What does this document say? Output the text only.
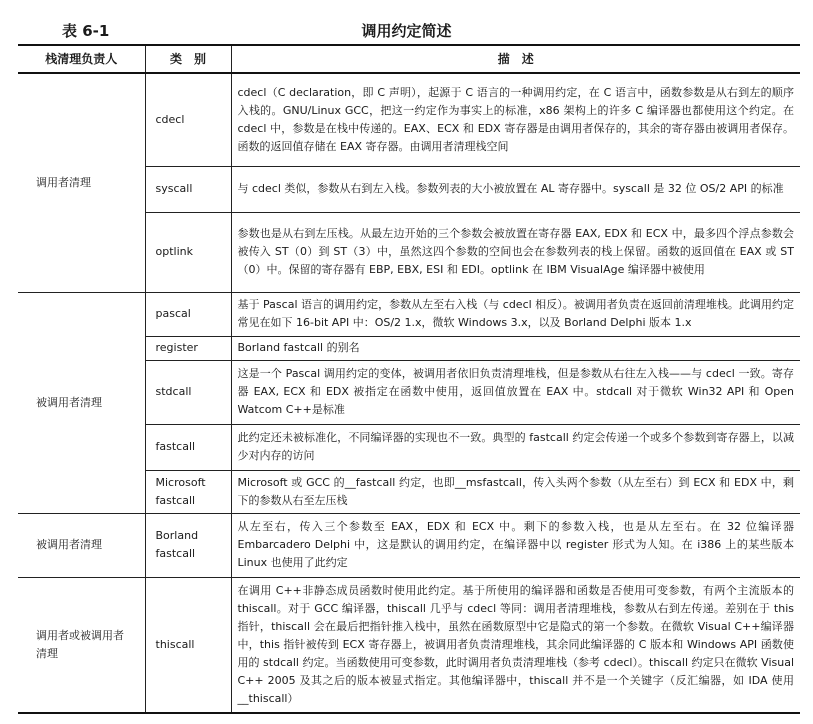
表 6-1	调用约定简述
栈清理负责人	类　别	描　述
调用者清理	cdecl	cdecl（C declaration，即 C 声明），起源于 C 语言的一种调用约定，在 C 语言中，函数参数是从右到左的顺序入栈的。GNU/Linux GCC，把这一约定作为事实上的标准，x86 架构上的许多 C 编译器也都使用这个约定。在 cdecl 中，参数是在栈中传递的。EAX、ECX 和 EDX 寄存器是由调用者保存的，其余的寄存器由被调用者保存。函数的返回值存储在 EAX 寄存器。由调用者清理栈空间
	syscall	与 cdecl 类似，参数从右到左入栈。参数列表的大小被放置在 AL 寄存器中。syscall 是 32 位 OS/2 API 的标准
	optlink	参数也是从右到左压栈。从最左边开始的三个参数会被放置在寄存器 EAX, EDX 和 ECX 中，最多四个浮点参数会被传入 ST（0）到 ST（3）中，虽然这四个参数的空间也会在参数列表的栈上保留。函数的返回值在 EAX 或 ST（0）中。保留的寄存器有 EBP, EBX, ESI 和 EDI。optlink 在 IBM VisualAge 编译器中被使用
被调用者清理	pascal	基于 Pascal 语言的调用约定，参数从左至右入栈（与 cdecl 相反）。被调用者负责在返回前清理堆栈。此调用约定常见在如下 16-bit API 中：OS/2 1.x，微软 Windows 3.x，以及 Borland Delphi 版本 1.x
	register	Borland fastcall 的别名
	stdcall	这是一个 Pascal 调用约定的变体，被调用者依旧负责清理堆栈，但是参数从右往左入栈——与 cdecl 一致。寄存器 EAX, ECX 和 EDX 被指定在函数中使用，返回值放置在 EAX 中。stdcall 对于微软 Win32 API 和 Open Watcom C++是标准
	fastcall	此约定还未被标准化，不同编译器的实现也不一致。典型的 fastcall 约定会传递一个或多个参数到寄存器上，以减少对内存的访问
	Microsoft fastcall	Microsoft 或 GCC 的__fastcall 约定，也即__msfastcall，传入头两个参数（从左至右）到 ECX 和 EDX 中，剩下的参数从右至左压栈
被调用者清理	Borland fastcall	从左至右，传入三个参数至 EAX，EDX 和 ECX 中。剩下的参数入栈，也是从左至右。在 32 位编译器 Embarcadero Delphi 中，这是默认的调用约定，在编译器中以 register 形式为人知。在 i386 上的某些版本 Linux 也使用了此约定
调用者或被调用者清理	thiscall	在调用 C++非静态成员函数时使用此约定。基于所使用的编译器和函数是否使用可变参数，有两个主流版本的 thiscall。对于 GCC 编译器，thiscall 几乎与 cdecl 等同：调用者清理堆栈，参数从右到左传递。差别在于 this 指针，thiscall 会在最后把指针推入栈中，虽然在函数原型中它是隐式的第一个参数。在微软 Visual C++编译器中，this 指针被传到 ECX 寄存器上，被调用者负责清理堆栈，其余同此编译器的 C 版本和 Windows API 函数使用的 stdcall 约定。当函数使用可变参数，此时调用者负责清理堆栈（参考 cdecl）。thiscall 约定只在微软 Visual C++ 2005 及其之后的版本被显式指定。其他编译器中，thiscall 并不是一个关键字（反汇编器，如 IDA 使用__thiscall）
